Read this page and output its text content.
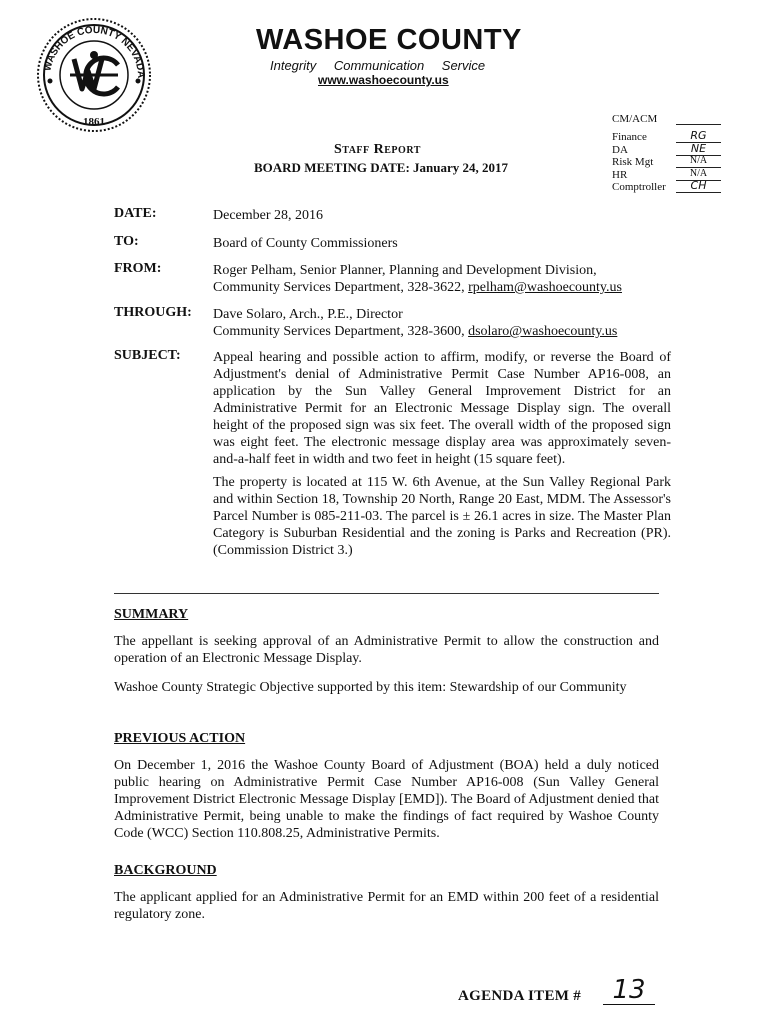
WASHOE COUNTY NEVADA
1861
WASHOE COUNTY
Integrity Communication Service
www.washoecounty.us
Staff Report
BOARD MEETING DATE: January 24, 2017
CM/ACM
Finance	RG
DA	NE
Risk Mgt	N/A
HR	N/A
Comptroller	CH
DATE:	December 28, 2016
TO:	Board of County Commissioners
FROM:	Roger Pelham, Senior Planner, Planning and Development Division,
Community Services Department, 328-3622, rpelham@washoecounty.us
THROUGH: Dave Solaro, Arch., P.E., Director
Community Services Department, 328-3600, dsolaro@washoecounty.us
SUBJECT: Appeal hearing and possible action to affirm, modify, or reverse the Board of Adjustment's denial of Administrative Permit Case Number AP16-008, an application by the Sun Valley General Improvement District for an Administrative Permit for an Electronic Message Display sign. The overall height of the proposed sign was six feet. The overall width of the proposed sign was eight feet. The electronic message display area was approximately seven-and-a-half feet in width and two feet in height (15 square feet).

The property is located at 115 W. 6th Avenue, at the Sun Valley Regional Park and within Section 18, Township 20 North, Range 20 East, MDM. The Assessor's Parcel Number is 085-211-03. The parcel is ± 26.1 acres in size. The Master Plan Category is Suburban Residential and the zoning is Parks and Recreation (PR). (Commission District 3.)

SUMMARY
The appellant is seeking approval of an Administrative Permit to allow the construction and operation of an Electronic Message Display.
Washoe County Strategic Objective supported by this item: Stewardship of our Community
PREVIOUS ACTION
On December 1, 2016 the Washoe County Board of Adjustment (BOA) held a duly noticed public hearing on Administrative Permit Case Number AP16-008 (Sun Valley General Improvement District Electronic Message Display [EMD]). The Board of Adjustment denied that Administrative Permit, being unable to make the findings of fact required by Washoe County Code (WCC) Section 110.808.25, Administrative Permits.
BACKGROUND
The applicant applied for an Administrative Permit for an EMD within 200 feet of a residential regulatory zone.
AGENDA ITEM #	13
